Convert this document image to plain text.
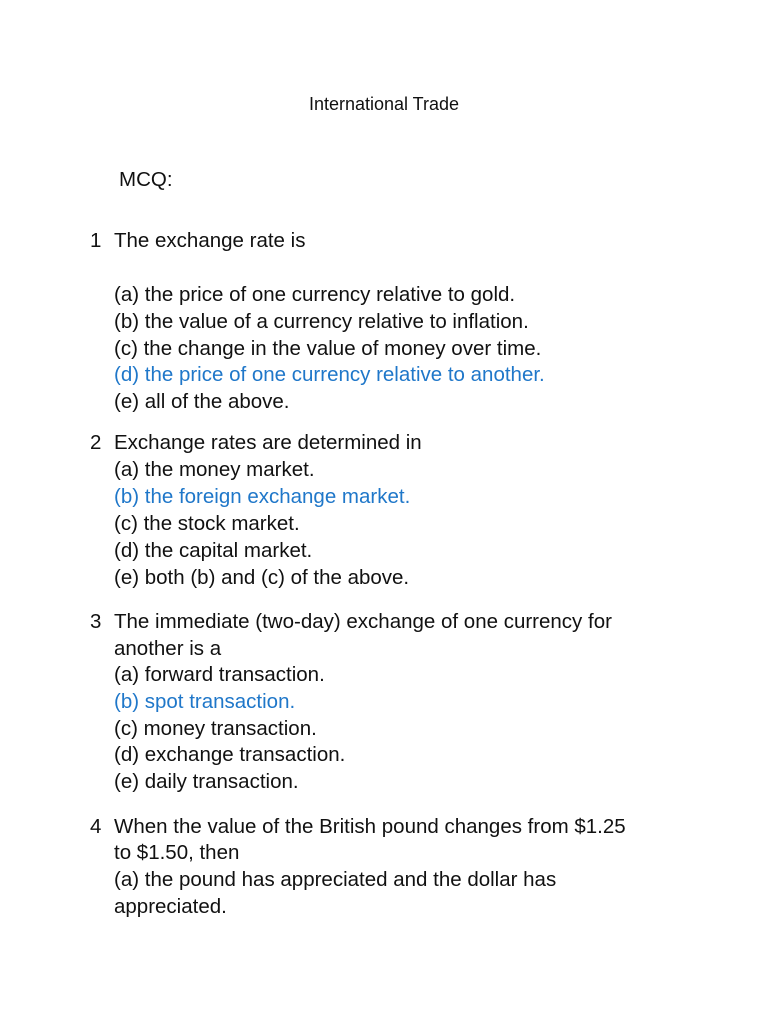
International Trade
MCQ:
1 The exchange rate is
(a) the price of one currency relative to gold.
(b) the value of a currency relative to inflation.
(c) the change in the value of money over time.
(d) the price of one currency relative to another.
(e) all of the above.
2 Exchange rates are determined in
(a) the money market.
(b) the foreign exchange market.
(c) the stock market.
(d) the capital market.
(e) both (b) and (c) of the above.
3 The immediate (two-day) exchange of one currency for
another is a
(a) forward transaction.
(b) spot transaction.
(c) money transaction.
(d) exchange transaction.
(e) daily transaction.
4 When the value of the British pound changes from $1.25
to $1.50, then
(a) the pound has appreciated and the dollar has
appreciated.
